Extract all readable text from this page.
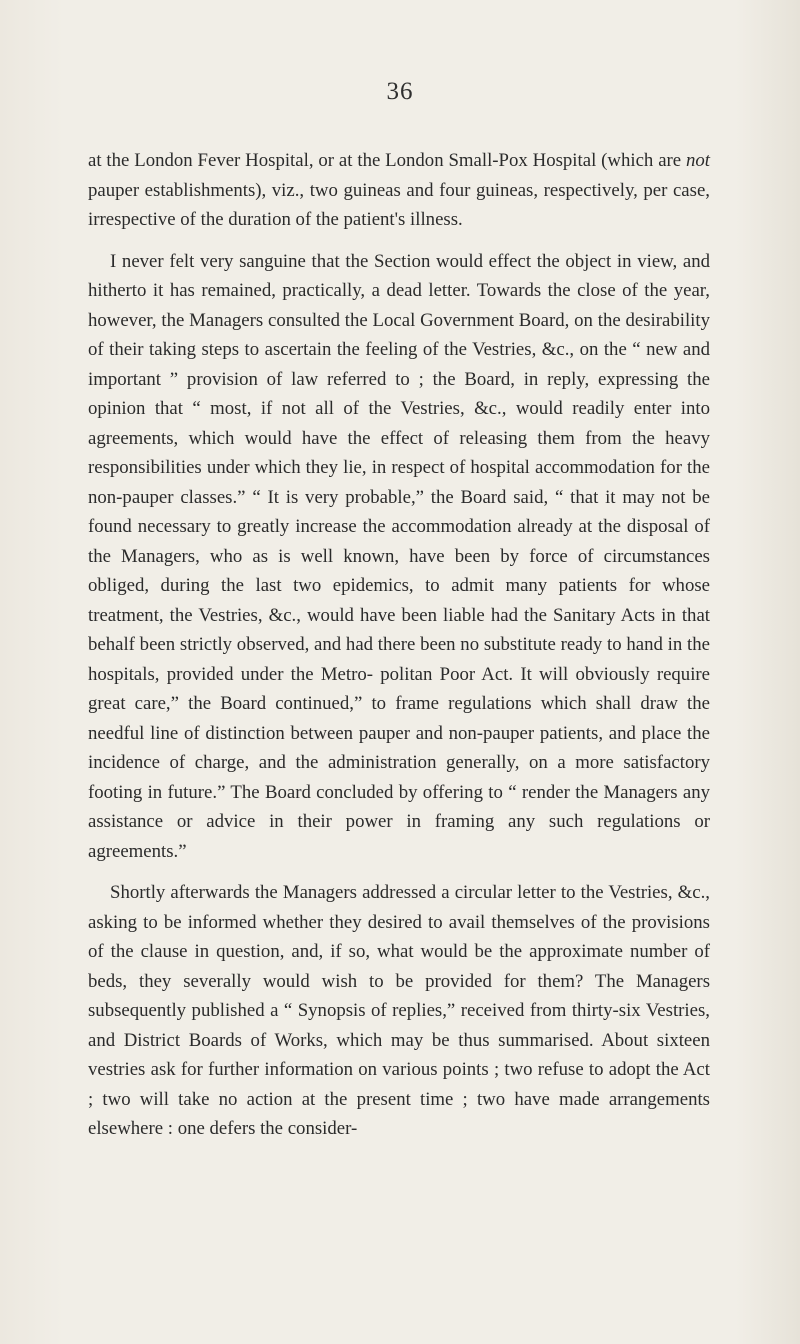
36

at the London Fever Hospital, or at the London Small-Pox Hospital (which are not pauper establishments), viz., two guineas and four guineas, respectively, per case, irrespective of the duration of the patient's illness.

I never felt very sanguine that the Section would effect the object in view, and hitherto it has remained, practically, a dead letter. Towards the close of the year, however, the Managers consulted the Local Government Board, on the desirability of their taking steps to ascertain the feeling of the Vestries, &c., on the “ new and important ” provision of law referred to ; the Board, in reply, expressing the opinion that “ most, if not all of the Vestries, &c., would readily enter into agreements, which would have the effect of releasing them from the heavy responsibilities under which they lie, in respect of hospital accommodation for the non-pauper classes.” “ It is very probable,” the Board said, “ that it may not be found necessary to greatly increase the accommodation already at the disposal of the Managers, who as is well known, have been by force of circumstances obliged, during the last two epidemics, to admit many patients for whose treatment, the Vestries, &c., would have been liable had the Sanitary Acts in that behalf been strictly observed, and had there been no substitute ready to hand in the hospitals, provided under the Metro- politan Poor Act. It will obviously require great care,” the Board continued,” to frame regulations which shall draw the needful line of distinction between pauper and non-pauper patients, and place the incidence of charge, and the administration generally, on a more satisfactory footing in future.” The Board concluded by offering to “ render the Managers any assistance or advice in their power in framing any such regulations or agreements.”

Shortly afterwards the Managers addressed a circular letter to the Vestries, &c., asking to be informed whether they desired to avail themselves of the provisions of the clause in question, and, if so, what would be the approximate number of beds, they severally would wish to be provided for them? The Managers subsequently published a “ Synopsis of replies,” received from thirty-six Vestries, and District Boards of Works, which may be thus summarised. About sixteen vestries ask for further information on various points ; two refuse to adopt the Act ; two will take no action at the present time ; two have made arrangements elsewhere : one defers the consider-
